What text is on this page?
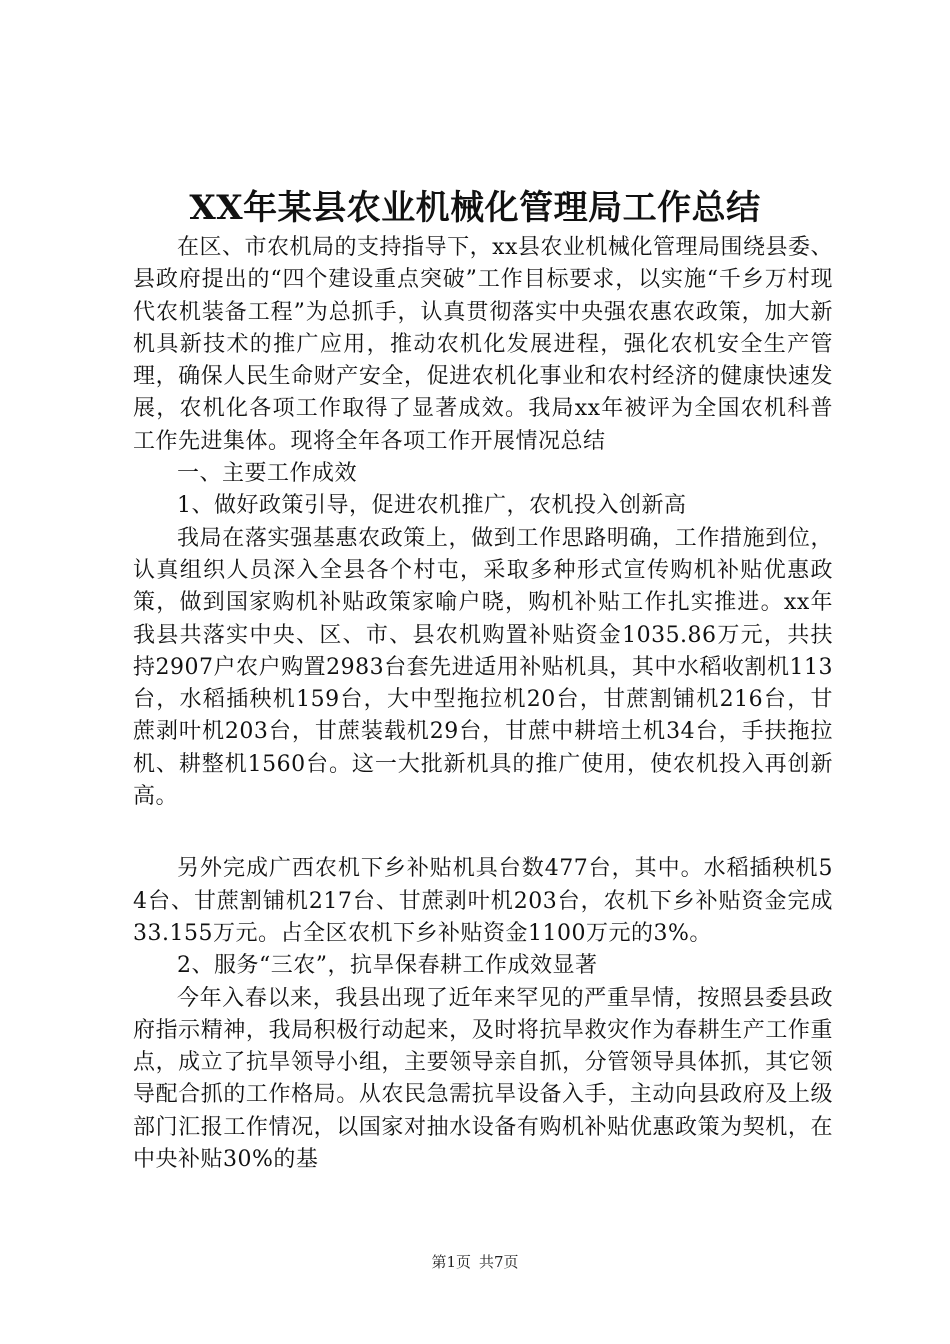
XX年某县农业机械化管理局工作总结

在区、市农机局的支持指导下，xx县农业机械化管理局围绕县委、县政府提出的“四个建设重点突破”工作目标要求，以实施“千乡万村现代农机装备工程”为总抓手，认真贯彻落实中央强农惠农政策，加大新机具新技术的推广应用，推动农机化发展进程，强化农机安全生产管理，确保人民生命财产安全，促进农机化事业和农村经济的健康快速发展，农机化各项工作取得了显著成效。我局xx年被评为全国农机科普工作先进集体。现将全年各项工作开展情况总结

一、主要工作成效

1、做好政策引导，促进农机推广，农机投入创新高

我局在落实强基惠农政策上，做到工作思路明确，工作措施到位，认真组织人员深入全县各个村屯，采取多种形式宣传购机补贴优惠政策，做到国家购机补贴政策家喻户晓，购机补贴工作扎实推进。xx年我县共落实中央、区、市、县农机购置补贴资金1035.86万元，共扶持2907户农户购置2983台套先进适用补贴机具，其中水稻收割机113台，水稻插秧机159台，大中型拖拉机20台，甘蔗割铺机216台，甘蔗剥叶机203台，甘蔗装载机29台，甘蔗中耕培土机34台，手扶拖拉机、耕整机1560台。这一大批新机具的推广使用，使农机投入再创新高。

另外完成广西农机下乡补贴机具台数477台，其中。水稻插秧机54台、甘蔗割铺机217台、甘蔗剥叶机203台，农机下乡补贴资金完成33.155万元。占全区农机下乡补贴资金1100万元的3%。

2、服务“三农”，抗旱保春耕工作成效显著

今年入春以来，我县出现了近年来罕见的严重旱情，按照县委县政府指示精神，我局积极行动起来，及时将抗旱救灾作为春耕生产工作重点，成立了抗旱领导小组，主要领导亲自抓，分管领导具体抓，其它领导配合抓的工作格局。从农民急需抗旱设备入手，主动向县政府及上级部门汇报工作情况，以国家对抽水设备有购机补贴优惠政策为契机，在中央补贴30%的基

第1页 共7页
